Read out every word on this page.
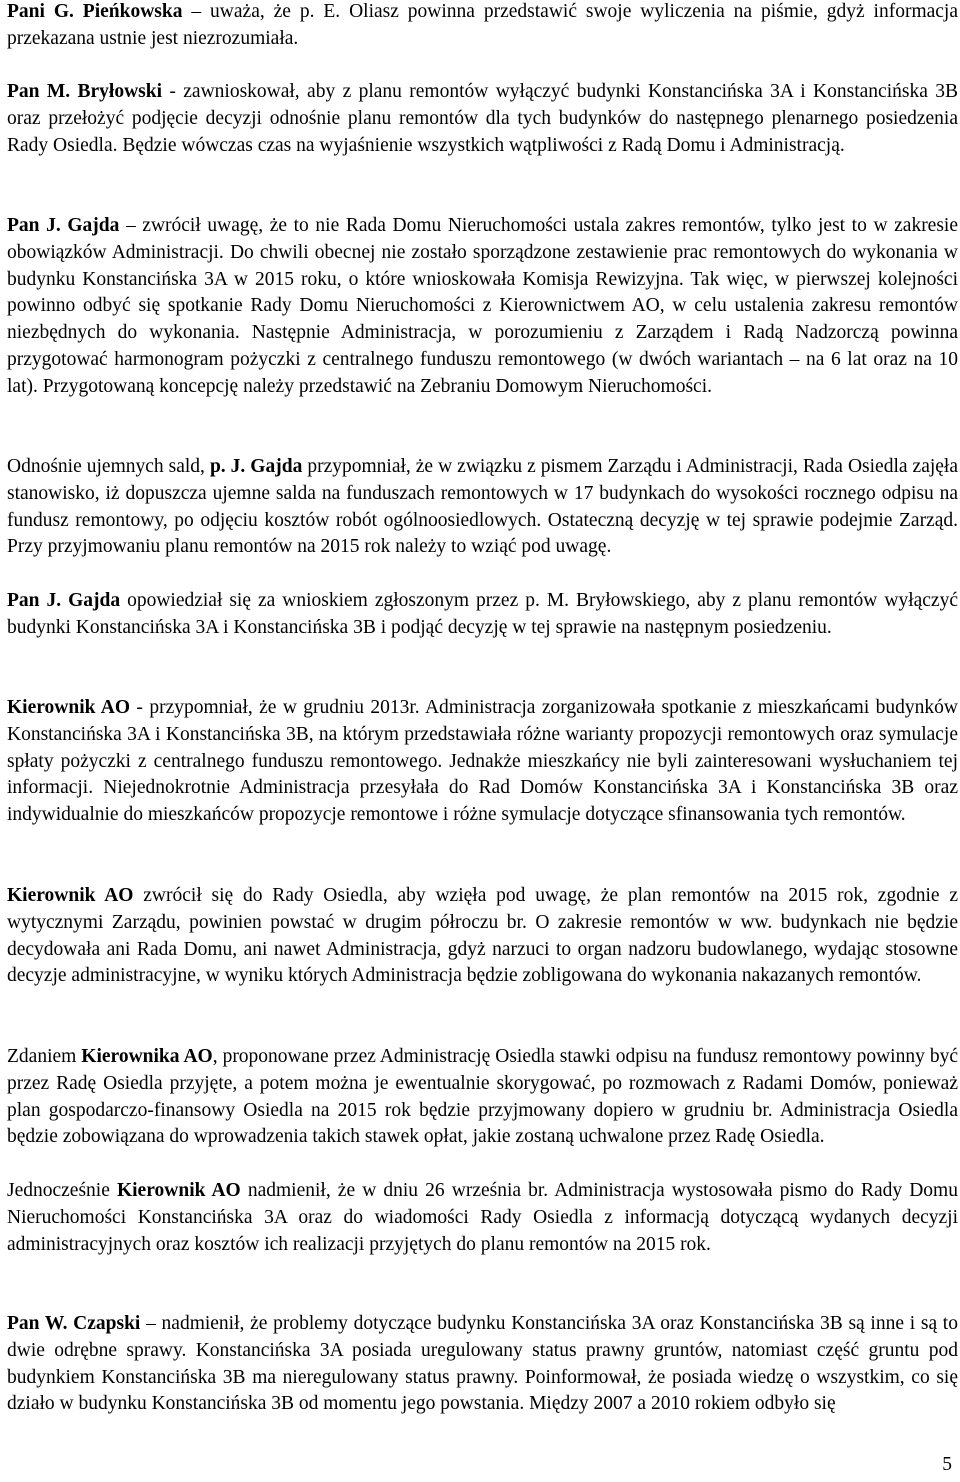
Pani G. Pieńkowska – uważa, że p. E. Oliasz powinna przedstawić swoje wyliczenia na piśmie, gdyż informacja przekazana ustnie jest niezrozumiała.

Pan M. Bryłowski - zawnioskował, aby z planu remontów wyłączyć budynki Konstancińska 3A i Konstancińska 3B oraz przełożyć podjęcie decyzji odnośnie planu remontów dla tych budynków do następnego plenarnego posiedzenia Rady Osiedla. Będzie wówczas czas na wyjaśnienie wszystkich wątpliwości z Radą Domu i Administracją.

Pan J. Gajda – zwrócił uwagę, że to nie Rada Domu Nieruchomości ustala zakres remontów, tylko jest to w zakresie obowiązków Administracji. Do chwili obecnej nie zostało sporządzone zestawienie prac remontowych do wykonania w budynku Konstancińska 3A w 2015 roku, o które wnioskowała Komisja Rewizyjna. Tak więc, w pierwszej kolejności powinno odbyć się spotkanie Rady Domu Nieruchomości z Kierownictwem AO, w celu ustalenia zakresu remontów niezbędnych do wykonania. Następnie Administracja, w porozumieniu z Zarządem i Radą Nadzorczą powinna przygotować harmonogram pożyczki z centralnego funduszu remontowego (w dwóch wariantach – na 6 lat oraz na 10 lat). Przygotowaną koncepcję należy przedstawić na Zebraniu Domowym Nieruchomości.

Odnośnie ujemnych sald, p. J. Gajda przypomniał, że w związku z pismem Zarządu i Administracji, Rada Osiedla zajęła stanowisko, iż dopuszcza ujemne salda na funduszach remontowych w 17 budynkach do wysokości rocznego odpisu na fundusz remontowy, po odjęciu kosztów robót ogólnoosiedlowych. Ostateczną decyzję w tej sprawie podejmie Zarząd. Przy przyjmowaniu planu remontów na 2015 rok należy to wziąć pod uwagę.

Pan J. Gajda opowiedział się za wnioskiem zgłoszonym przez p. M. Bryłowskiego, aby z planu remontów wyłączyć budynki Konstancińska 3A i Konstancińska 3B i podjąć decyzję w tej sprawie na następnym posiedzeniu.

Kierownik AO - przypomniał, że w grudniu 2013r. Administracja zorganizowała spotkanie z mieszkańcami budynków Konstancińska 3A i Konstancińska 3B, na którym przedstawiała różne warianty propozycji remontowych oraz symulacje spłaty pożyczki z centralnego funduszu remontowego. Jednakże mieszkańcy nie byli zainteresowani wysłuchaniem tej informacji. Niejednokrotnie Administracja przesyłała do Rad Domów Konstancińska 3A i Konstancińska 3B oraz indywidualnie do mieszkańców propozycje remontowe i różne symulacje dotyczące sfinansowania tych remontów.

Kierownik AO zwrócił się do Rady Osiedla, aby wzięła pod uwagę, że plan remontów na 2015 rok, zgodnie z wytycznymi Zarządu, powinien powstać w drugim półroczu br. O zakresie remontów w ww. budynkach nie będzie decydowała ani Rada Domu, ani nawet Administracja, gdyż narzuci to organ nadzoru budowlanego, wydając stosowne decyzje administracyjne, w wyniku których Administracja będzie zobligowana do wykonania nakazanych remontów.

Zdaniem Kierownika AO, proponowane przez Administrację Osiedla stawki odpisu na fundusz remontowy powinny być przez Radę Osiedla przyjęte, a potem można je ewentualnie skorygować, po rozmowach z Radami Domów, ponieważ plan gospodarczo-finansowy Osiedla na 2015 rok będzie przyjmowany dopiero w grudniu br. Administracja Osiedla będzie zobowiązana do wprowadzenia takich stawek opłat, jakie zostaną uchwalone przez Radę Osiedla.

Jednocześnie Kierownik AO nadmienił, że w dniu 26 września br. Administracja wystosowała pismo do Rady Domu Nieruchomości Konstancińska 3A oraz do wiadomości Rady Osiedla z informacją dotyczącą wydanych decyzji administracyjnych oraz kosztów ich realizacji przyjętych do planu remontów na 2015 rok.

Pan W. Czapski – nadmienił, że problemy dotyczące budynku Konstancińska 3A oraz Konstancińska 3B są inne i są to dwie odrębne sprawy. Konstancińska 3A posiada uregulowany status prawny gruntów, natomiast część gruntu pod budynkiem Konstancińska 3B ma nieregulowany status prawny. Poinformował, że posiada wiedzę o wszystkim, co się działo w budynku Konstancińska 3B od momentu jego powstania. Między 2007 a 2010 rokiem odbyło się

5
